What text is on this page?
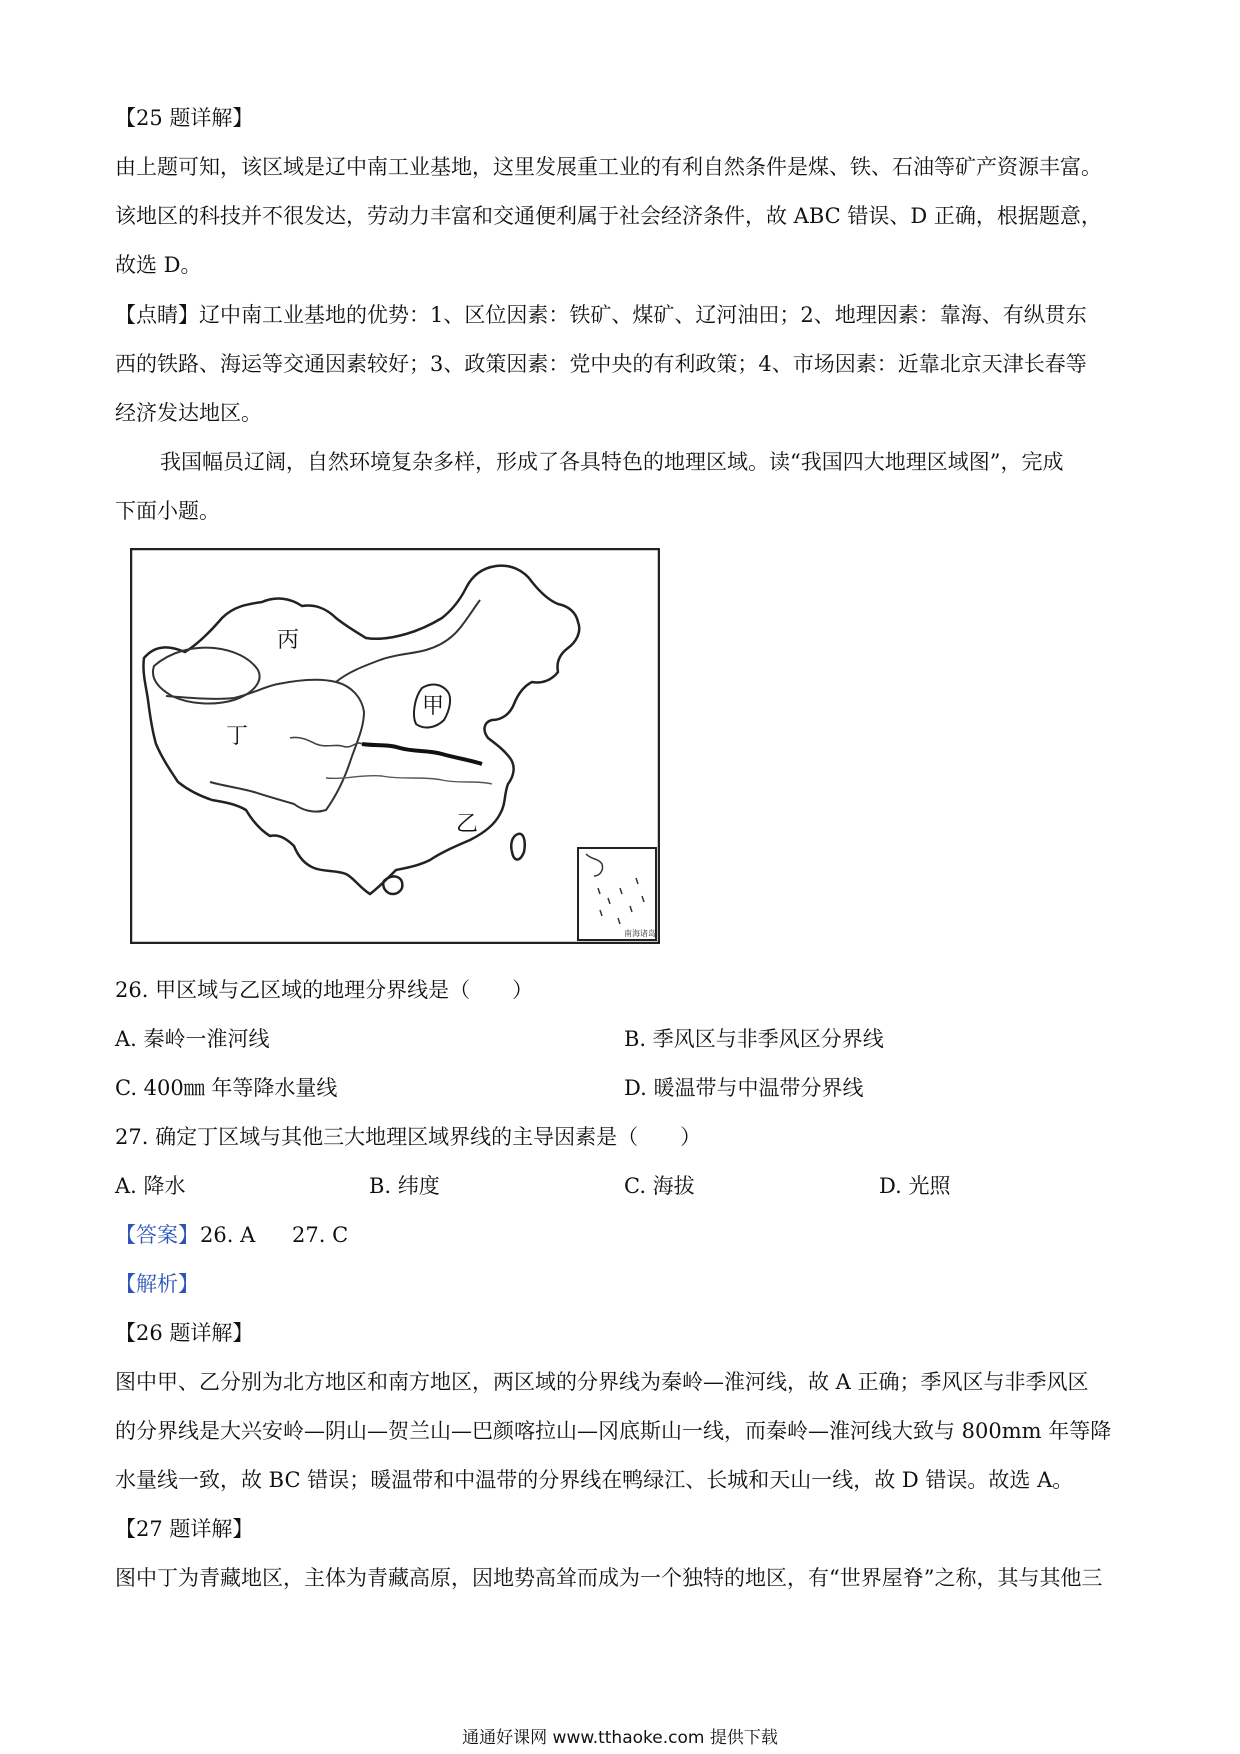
【25 题详解】
由上题可知，该区域是辽中南工业基地，这里发展重工业的有利自然条件是煤、铁、石油等矿产资源丰富。
该地区的科技并不很发达，劳动力丰富和交通便利属于社会经济条件，故 ABC 错误、D 正确，根据题意，
故选 D。
【点睛】辽中南工业基地的优势：1、区位因素：铁矿、煤矿、辽河油田；2、地理因素：靠海、有纵贯东
西的铁路、海运等交通因素较好；3、政策因素：党中央的有利政策；4、市场因素：近靠北京天津长春等
经济发达地区。
我国幅员辽阔，自然环境复杂多样，形成了各具特色的地理区域。读“我国四大地理区域图”，完成
下面小题。
南海诸岛
丙
丁
甲
乙
26. 甲区域与乙区域的地理分界线是（　　）
A. 秦岭一淮河线	B. 季风区与非季风区分界线
C. 400㎜ 年等降水量线	D. 暖温带与中温带分界线
27. 确定丁区域与其他三大地理区域界线的主导因素是（　　）
A. 降水	B. 纬度	C. 海拔	D. 光照
【答案】 26. A 27. C
【解析】
【26 题详解】
图中甲、乙分别为北方地区和南方地区，两区域的分界线为秦岭—淮河线，故 A 正确；季风区与非季风区
的分界线是大兴安岭—阴山—贺兰山—巴颜喀拉山—冈底斯山一线，而秦岭—淮河线大致与 800mm 年等降
水量线一致，故 BC 错误；暖温带和中温带的分界线在鸭绿江、长城和天山一线，故 D 错误。故选 A。
【27 题详解】
图中丁为青藏地区，主体为青藏高原，因地势高耸而成为一个独特的地区，有“世界屋脊”之称，其与其他三
通通好课网 www.tthaoke.com 提供下载
